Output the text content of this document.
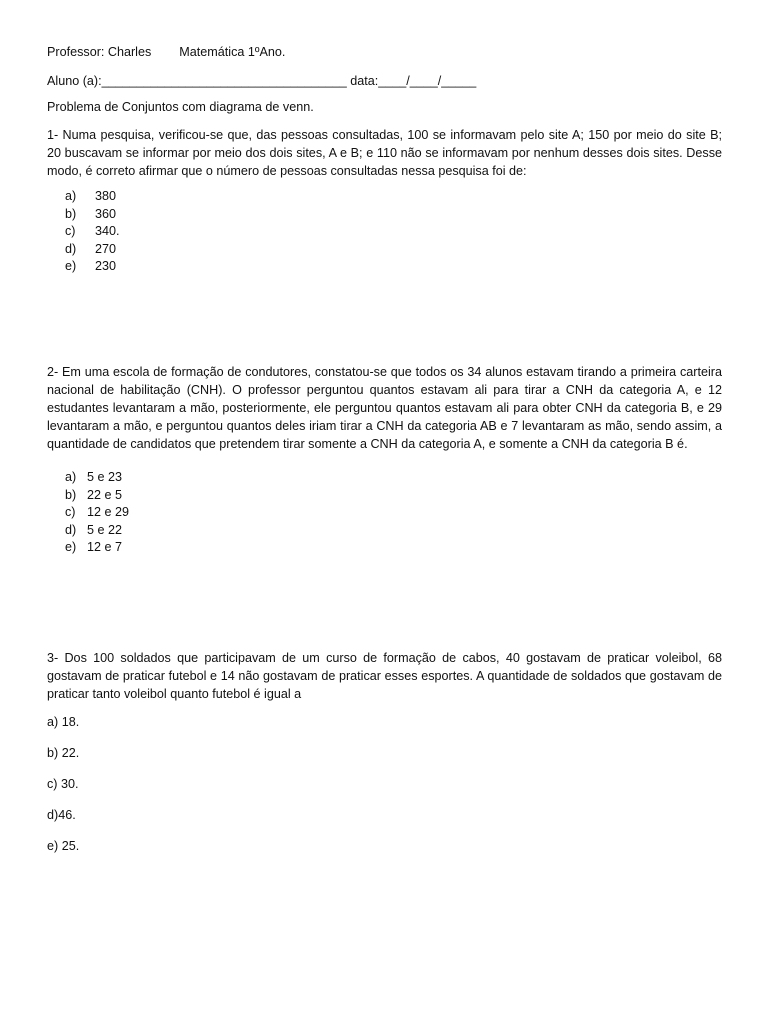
Professor: Charles Matemática 1ºAno.
Aluno (a):___________________________________ data:____/____/_____
Problema de Conjuntos com diagrama de venn.
1- Numa pesquisa, verificou-se que, das pessoas consultadas, 100 se informavam pelo site A; 150 por meio do site B; 20 buscavam se informar por meio dos dois sites, A e B; e 110 não se informavam por nenhum desses dois sites. Desse modo, é correto afirmar que o número de pessoas consultadas nessa pesquisa foi de:
a) 380
b) 360
c) 340.
d) 270
e) 230
2- Em uma escola de formação de condutores, constatou-se que todos os 34 alunos estavam tirando a primeira carteira nacional de habilitação (CNH). O professor perguntou quantos estavam ali para tirar a CNH da categoria A, e 12 estudantes levantaram a mão, posteriormente, ele perguntou quantos estavam ali para obter CNH da categoria B, e 29 levantaram a mão, e perguntou quantos deles iriam tirar a CNH da categoria AB e 7 levantaram as mão, sendo assim, a quantidade de candidatos que pretendem tirar somente a CNH da categoria A, e somente a CNH da categoria B é.
a) 5 e 23
b) 22 e 5
c) 12 e 29
d) 5 e 22
e) 12 e 7
3- Dos 100 soldados que participavam de um curso de formação de cabos, 40 gostavam de praticar voleibol, 68 gostavam de praticar futebol e 14 não gostavam de praticar esses esportes. A quantidade de soldados que gostavam de praticar tanto voleibol quanto futebol é igual a
a) 18.
b) 22.
c) 30.
d)46.
e) 25.
